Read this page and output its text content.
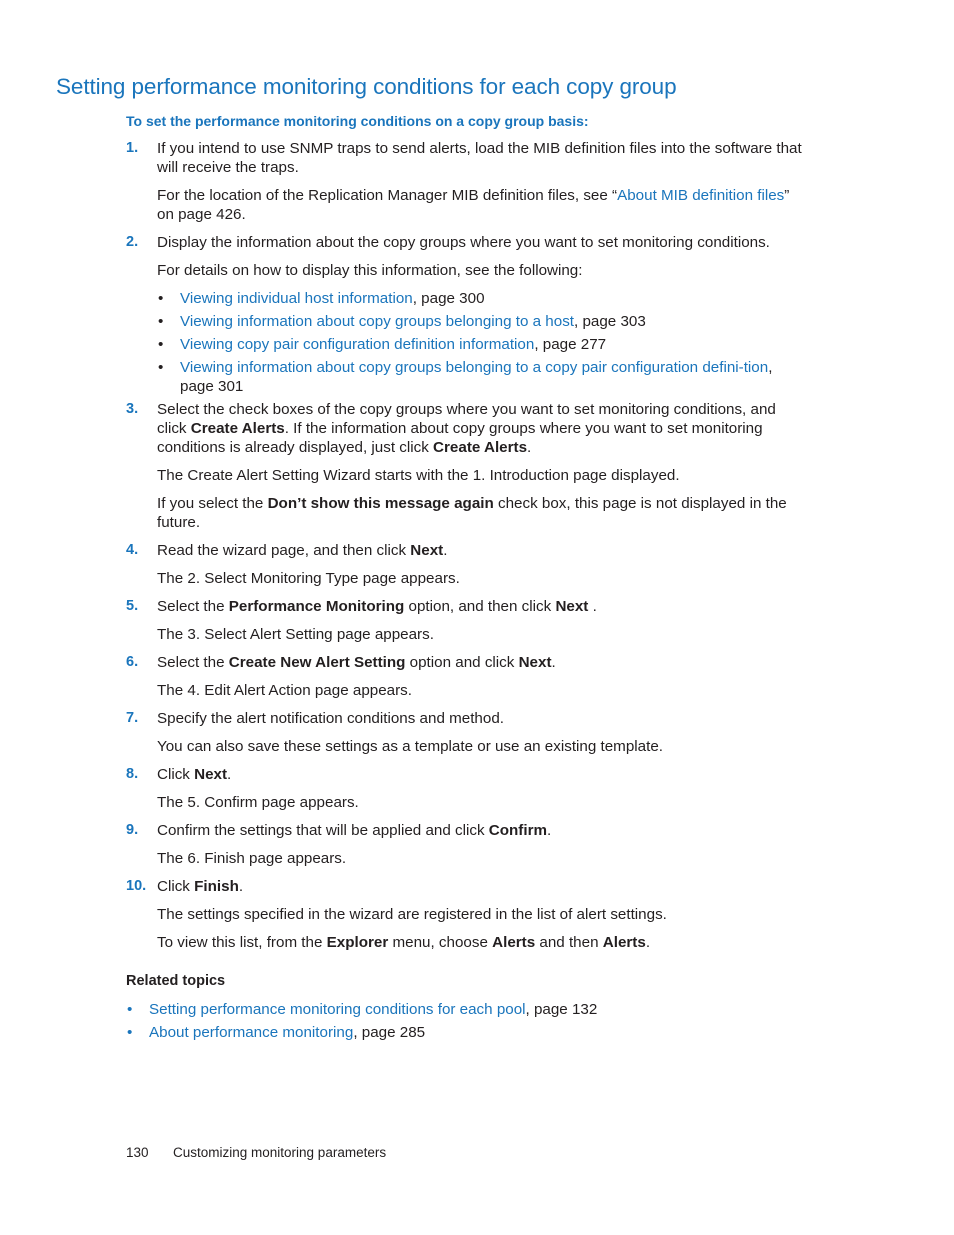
Setting performance monitoring conditions for each copy group

To set the performance monitoring conditions on a copy group basis:

1. If you intend to use SNMP traps to send alerts, load the MIB definition files into the software that will receive the traps.

For the location of the Replication Manager MIB definition files, see “About MIB definition files” on page 426.

2. Display the information about the copy groups where you want to set monitoring conditions.

For details on how to display this information, see the following:

• Viewing individual host information, page 300
• Viewing information about copy groups belonging to a host, page 303
• Viewing copy pair configuration definition information, page 277
• Viewing information about copy groups belonging to a copy pair configuration defini-tion, page 301
3. Select the check boxes of the copy groups where you want to set monitoring conditions, and click Create Alerts. If the information about copy groups where you want to set monitoring conditions is already displayed, just click Create Alerts.

The Create Alert Setting Wizard starts with the 1. Introduction page displayed.

If you select the Don’t show this message again check box, this page is not displayed in the future.

4. Read the wizard page, and then click Next.

The 2. Select Monitoring Type page appears.

5. Select the Performance Monitoring option, and then click Next .

The 3. Select Alert Setting page appears.

6. Select the Create New Alert Setting option and click Next.

The 4. Edit Alert Action page appears.

7. Specify the alert notification conditions and method.

You can also save these settings as a template or use an existing template.

8. Click Next.

The 5. Confirm page appears.

9. Confirm the settings that will be applied and click Confirm.

The 6. Finish page appears.

10. Click Finish.

The settings specified in the wizard are registered in the list of alert settings.

To view this list, from the Explorer menu, choose Alerts and then Alerts.

Related topics

• Setting performance monitoring conditions for each pool, page 132
• About performance monitoring, page 285
130 Customizing monitoring parameters
